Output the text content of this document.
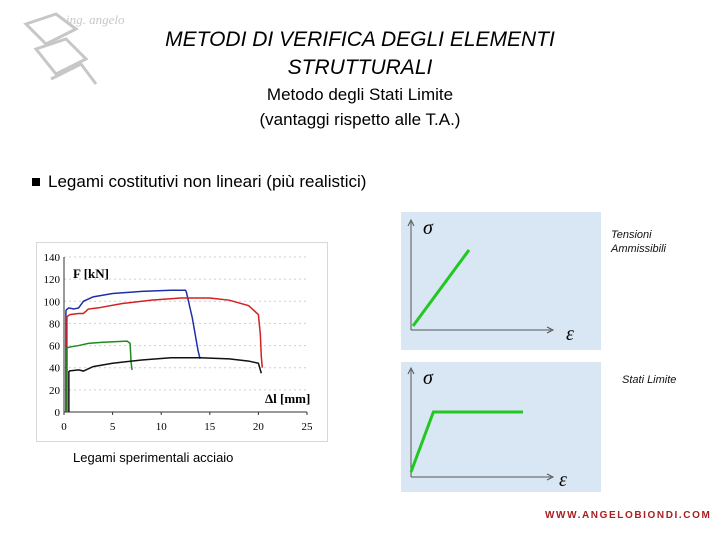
ing. angelo
METODI DI VERIFICA DEGLI ELEMENTI STRUTTURALI
Metodo degli Stati Limite
(vantaggi rispetto alle T.A.)
Legami costitutivi non lineari (più realistici)
0
20
40
60
80
100
120
140
0	5	10	15	20	25
F [kN]
Δl [mm]
Legami sperimentali acciaio
σ
ε
Tensioni
Ammissibili
σ
ε
Stati Limite
WWW.ANGELOBIONDI.COM
